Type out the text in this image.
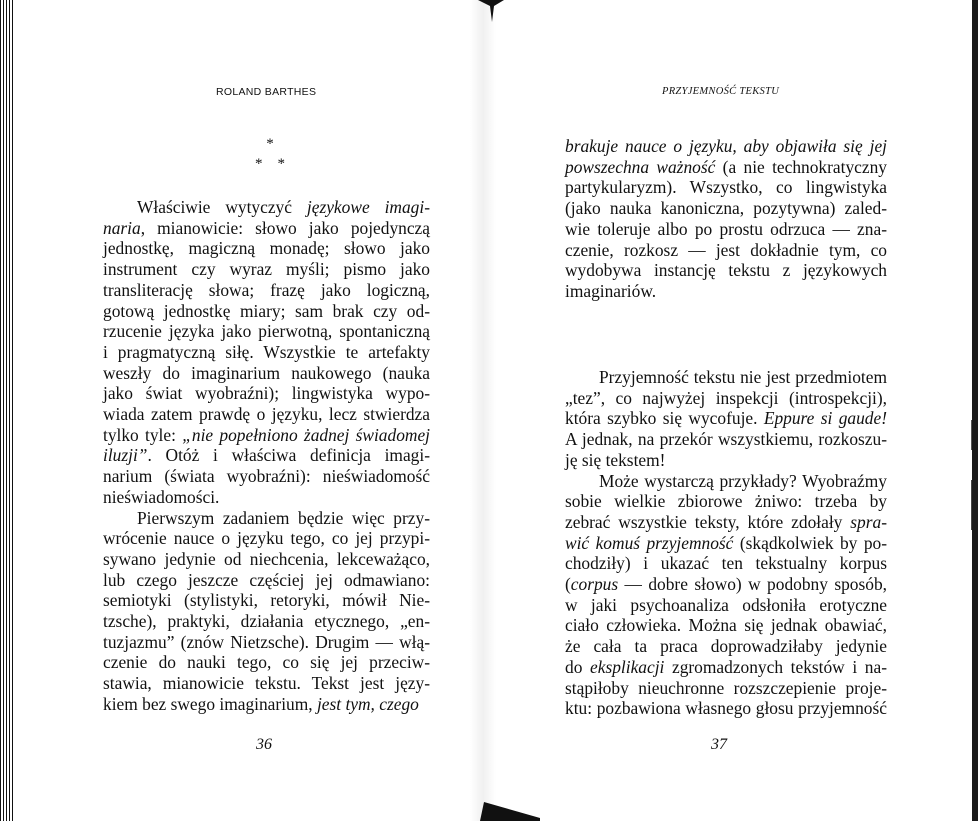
ROLAND BARTHES
*
*    *
Właściwie wytyczyć językowe imagi-
naria, mianowicie: słowo jako pojedynczą
jednostkę, magiczną monadę; słowo jako
instrument czy wyraz myśli; pismo jako
transliterację słowa; frazę jako logiczną,
gotową jednostkę miary; sam brak czy od-
rzucenie języka jako pierwotną, spontaniczną
i pragmatyczną siłę. Wszystkie te artefakty
weszły do imaginarium naukowego (nauka
jako świat wyobraźni); lingwistyka wypo-
wiada zatem prawdę o języku, lecz stwierdza
tylko tyle: „nie popełniono żadnej świadomej
iluzji”. Otóż i właściwa definicja imagi-
narium (świata wyobraźni): nieświadomość
nieświadomości.
Pierwszym zadaniem będzie więc przy-
wrócenie nauce o języku tego, co jej przypi-
sywano jedynie od niechcenia, lekceważąco,
lub czego jeszcze częściej jej odmawiano:
semiotyki (stylistyki, retoryki, mówił Nie-
tzsche), praktyki, działania etycznego, „en-
tuzjazmu” (znów Nietzsche). Drugim — włą-
czenie do nauki tego, co się jej przeciw-
stawia, mianowicie tekstu. Tekst jest języ-
kiem bez swego imaginarium, jest tym, czego
36
PRZYJEMNOŚĆ TEKSTU
brakuje nauce o języku, aby objawiła się jej
powszechna ważność (a nie technokratyczny
partykularyzm). Wszystko, co lingwistyka
(jako nauka kanoniczna, pozytywna) zaled-
wie toleruje albo po prostu odrzuca — zna-
czenie, rozkosz — jest dokładnie tym, co
wydobywa instancję tekstu z językowych
imaginariów.
Przyjemność tekstu nie jest przedmiotem
„tez”, co najwyżej inspekcji (introspekcji),
która szybko się wycofuje. Eppure si gaude!
A jednak, na przekór wszystkiemu, rozkoszu-
ję się tekstem!
Może wystarczą przykłady? Wyobraźmy
sobie wielkie zbiorowe żniwo: trzeba by
zebrać wszystkie teksty, które zdołały spra-
wić komuś przyjemność (skądkolwiek by po-
chodziły) i ukazać ten tekstualny korpus
(corpus — dobre słowo) w podobny sposób,
w jaki psychoanaliza odsłoniła erotyczne
ciało człowieka. Można się jednak obawiać,
że cała ta praca doprowadziłaby jedynie
do eksplikacji zgromadzonych tekstów i na-
stąpiłoby nieuchronne rozszczepienie proje-
ktu: pozbawiona własnego głosu przyjemność
37
